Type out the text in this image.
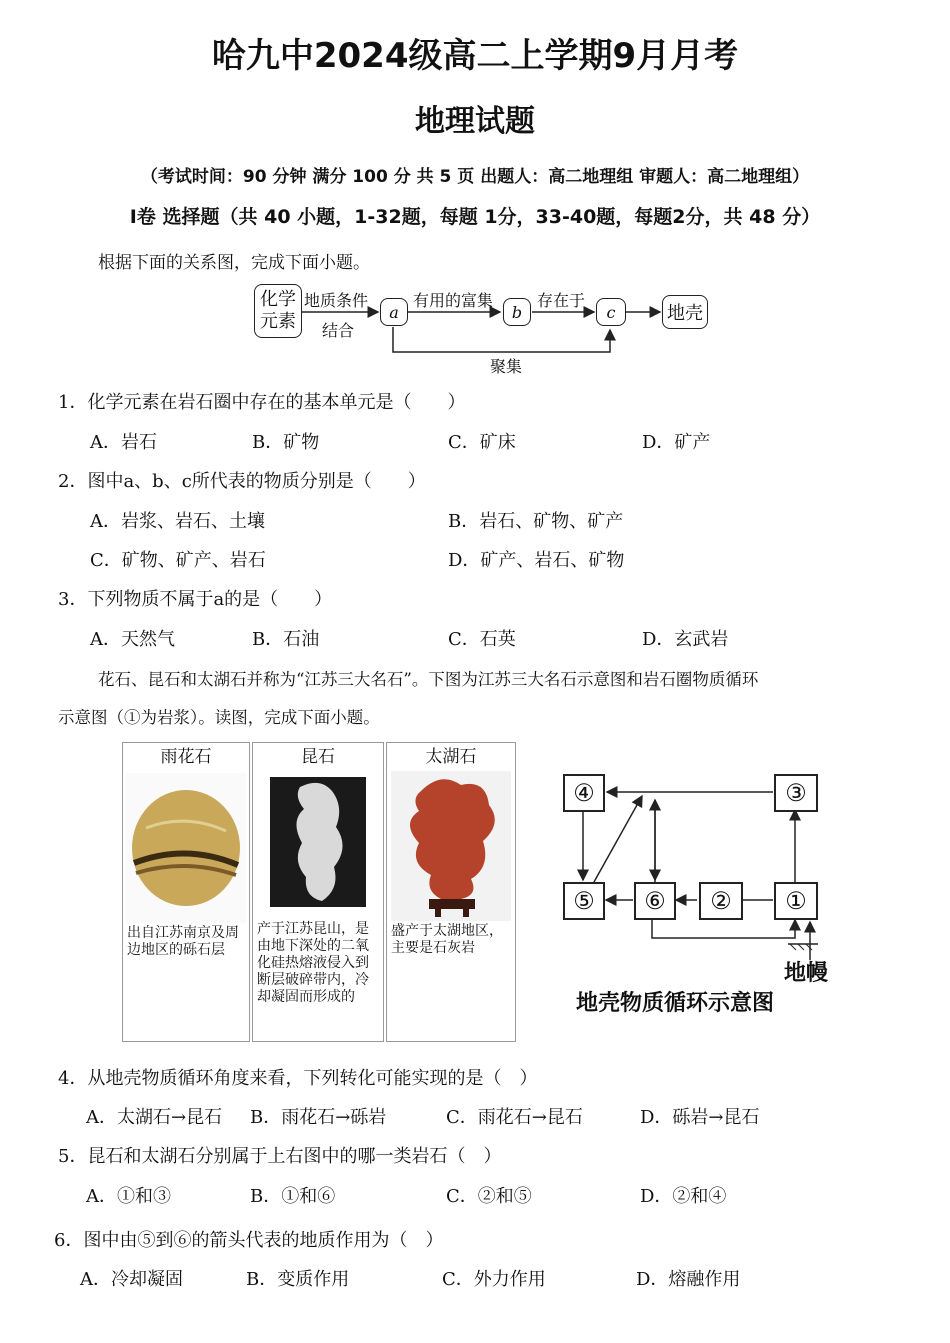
哈九中2024级高二上学期9月月考
地理试题
（考试时间：90 分钟 满分 100 分 共 5 页 出题人：高二地理组 审题人：高二地理组）
Ⅰ卷 选择题（共 40 小题，1-32题，每题 1分，33-40题，每题2分，共 48 分）
根据下面的关系图，完成下面小题。
化学
元素
地质条件
结合
a
有用的富集
b
存在于
c	地壳
聚集
1．化学元素在岩石圈中存在的基本单元是（　　）
A．岩石	B．矿物	C．矿床	D．矿产
2．图中a、b、c所代表的物质分别是（　　）
A．岩浆、岩石、土壤	B．岩石、矿物、矿产
C．矿物、矿产、岩石	D．矿产、岩石、矿物
3．下列物质不属于a的是（　　）
A．天然气	B．石油	C．石英	D．玄武岩
花石、昆石和太湖石并称为“江苏三大名石”。下图为江苏三大名石示意图和岩石圈物质循环
示意图（①为岩浆）。读图，完成下面小题。
雨花石
出自江苏南京及周边地区的砾石层
昆石
产于江苏昆山，是由地下深处的二氧化硅热熔液侵入到断层破碎带内，冷却凝固而形成的
太湖石
盛产于太湖地区，主要是石灰岩
④	③
⑤	⑥	②	①
地幔
地壳物质循环示意图
4．从地壳物质循环角度来看，下列转化可能实现的是（　）
A．太湖石→昆石 B．雨花石→砾岩	C．雨花石→昆石	D．砾岩→昆石
5．昆石和太湖石分别属于上右图中的哪一类岩石（　）
A．①和③	B．①和⑥	C．②和⑤	D．②和④
6．图中由⑤到⑥的箭头代表的地质作用为（　）
A．冷却凝固	B．变质作用	C．外力作用	D．熔融作用
